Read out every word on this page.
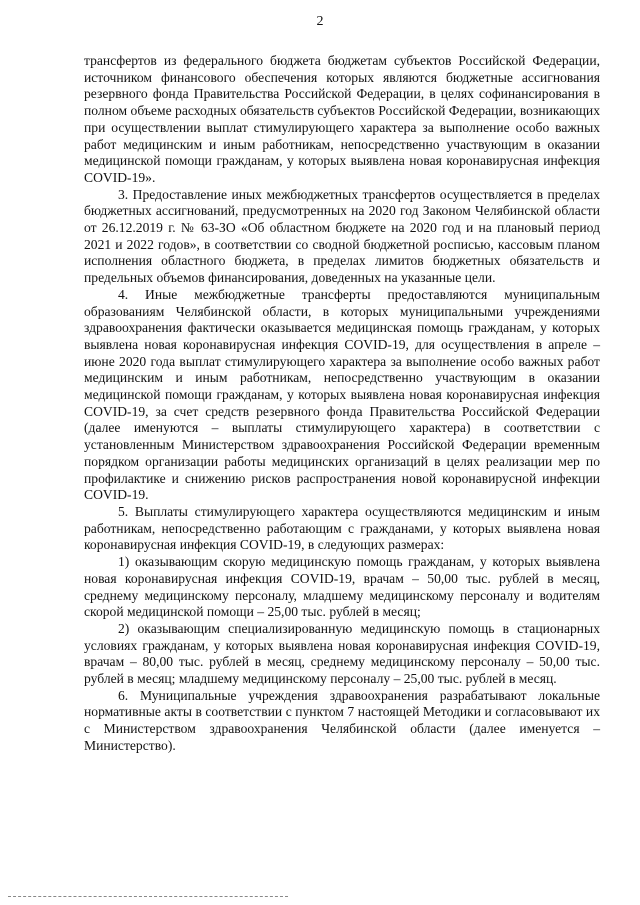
2

трансфертов из федерального бюджета бюджетам субъектов Российской Федерации, источником финансового обеспечения которых являются бюджетные ассигнования резервного фонда Правительства Российской Федерации, в целях софинансирования в полном объеме расходных обязательств субъектов Российской Федерации, возникающих при осуществлении выплат стимулирующего характера за выполнение особо важных работ медицинским и иным работникам, непосредственно участвующим в оказании медицинской помощи гражданам, у которых выявлена новая коронавирусная инфекция COVID-19».

3. Предоставление иных межбюджетных трансфертов осуществляется в пределах бюджетных ассигнований, предусмотренных на 2020 год Законом Челябинской области от 26.12.2019 г. № 63-ЗО «Об областном бюджете на 2020 год и на плановый период 2021 и 2022 годов», в соответствии со сводной бюджетной росписью, кассовым планом исполнения областного бюджета, в пределах лимитов бюджетных обязательств и предельных объемов финансирования, доведенных на указанные цели.

4. Иные межбюджетные трансферты предоставляются муниципальным образованиям Челябинской области, в которых муниципальными учреждениями здравоохранения фактически оказывается медицинская помощь гражданам, у которых выявлена новая коронавирусная инфекция COVID-19, для осуществления в апреле – июне 2020 года выплат стимулирующего характера за выполнение особо важных работ медицинским и иным работникам, непосредственно участвующим в оказании медицинской помощи гражданам, у которых выявлена новая коронавирусная инфекция COVID-19, за счет средств резервного фонда Правительства Российской Федерации (далее именуются – выплаты стимулирующего характера) в соответствии с установленным Министерством здравоохранения Российской Федерации временным порядком организации работы медицинских организаций в целях реализации мер по профилактике и снижению рисков распространения новой коронавирусной инфекции COVID-19.

5. Выплаты стимулирующего характера осуществляются медицинским и иным работникам, непосредственно работающим с гражданами, у которых выявлена новая коронавирусная инфекция COVID-19, в следующих размерах:

1) оказывающим скорую медицинскую помощь гражданам, у которых выявлена новая коронавирусная инфекция COVID-19, врачам – 50,00 тыс. рублей в месяц, среднему медицинскому персоналу, младшему медицинскому персоналу и водителям скорой медицинской помощи – 25,00 тыс. рублей в месяц;

2) оказывающим специализированную медицинскую помощь в стационарных условиях гражданам, у которых выявлена новая коронавирусная инфекция COVID-19, врачам – 80,00 тыс. рублей в месяц, среднему медицинскому персоналу – 50,00 тыс. рублей в месяц; младшему медицинскому персоналу – 25,00 тыс. рублей в месяц.

6. Муниципальные учреждения здравоохранения разрабатывают локальные нормативные акты в соответствии с пунктом 7 настоящей Методики и согласовывают их с Министерством здравоохранения Челябинской области (далее именуется – Министерство).
